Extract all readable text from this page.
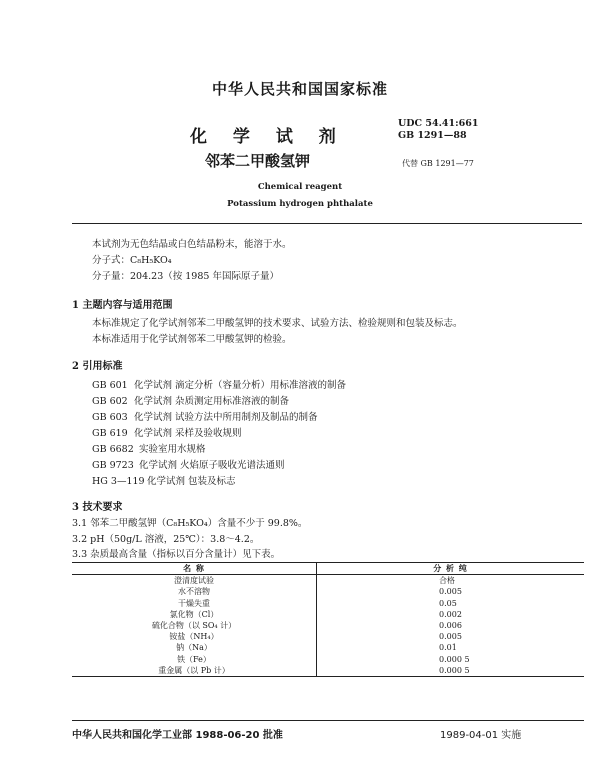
中华人民共和国国家标准
化 学 试 剂
邻苯二甲酸氢钾
Chemical reagent
Potassium hydrogen phthalate
UDC 54.41:661
GB 1291—88
代替 GB 1291—77
本试剂为无色结晶或白色结晶粉末，能溶于水。
分子式：C₈H₅KO₄
分子量：204.23（按 1985 年国际原子量）
1 主题内容与适用范围
本标准规定了化学试剂邻苯二甲酸氢钾的技术要求、试验方法、检验规则和包装及标志。
本标准适用于化学试剂邻苯二甲酸氢钾的检验。
2 引用标准
GB 601 化学试剂 滴定分析（容量分析）用标准溶液的制备
GB 602 化学试剂 杂质测定用标准溶液的制备
GB 603 化学试剂 试验方法中所用制剂及制品的制备
GB 619 化学试剂 采样及验收规则
GB 6682 实验室用水规格
GB 9723 化学试剂 火焰原子吸收光谱法通则
HG 3—119 化学试剂 包装及标志
3 技术要求
3.1 邻苯二甲酸氢钾（C₈H₅KO₄）含量不少于 99.8%。
3.2 pH（50g/L 溶液，25℃）：3.8～4.2。
3.3 杂质最高含量（指标以百分含量计）见下表。
名 称	分 析 纯
澄清度试验	合格
水不溶物	0.005
干燥失重	0.05
氯化物（Cl）	0.002
硫化合物（以 SO₄ 计）	0.006
铵盐（NH₄）	0.005
钠（Na）	0.01
铁（Fe）	0.000 5
重金属（以 Pb 计）	0.000 5
中华人民共和国化学工业部 1988-06-20 批准	1989-04-01 实施
